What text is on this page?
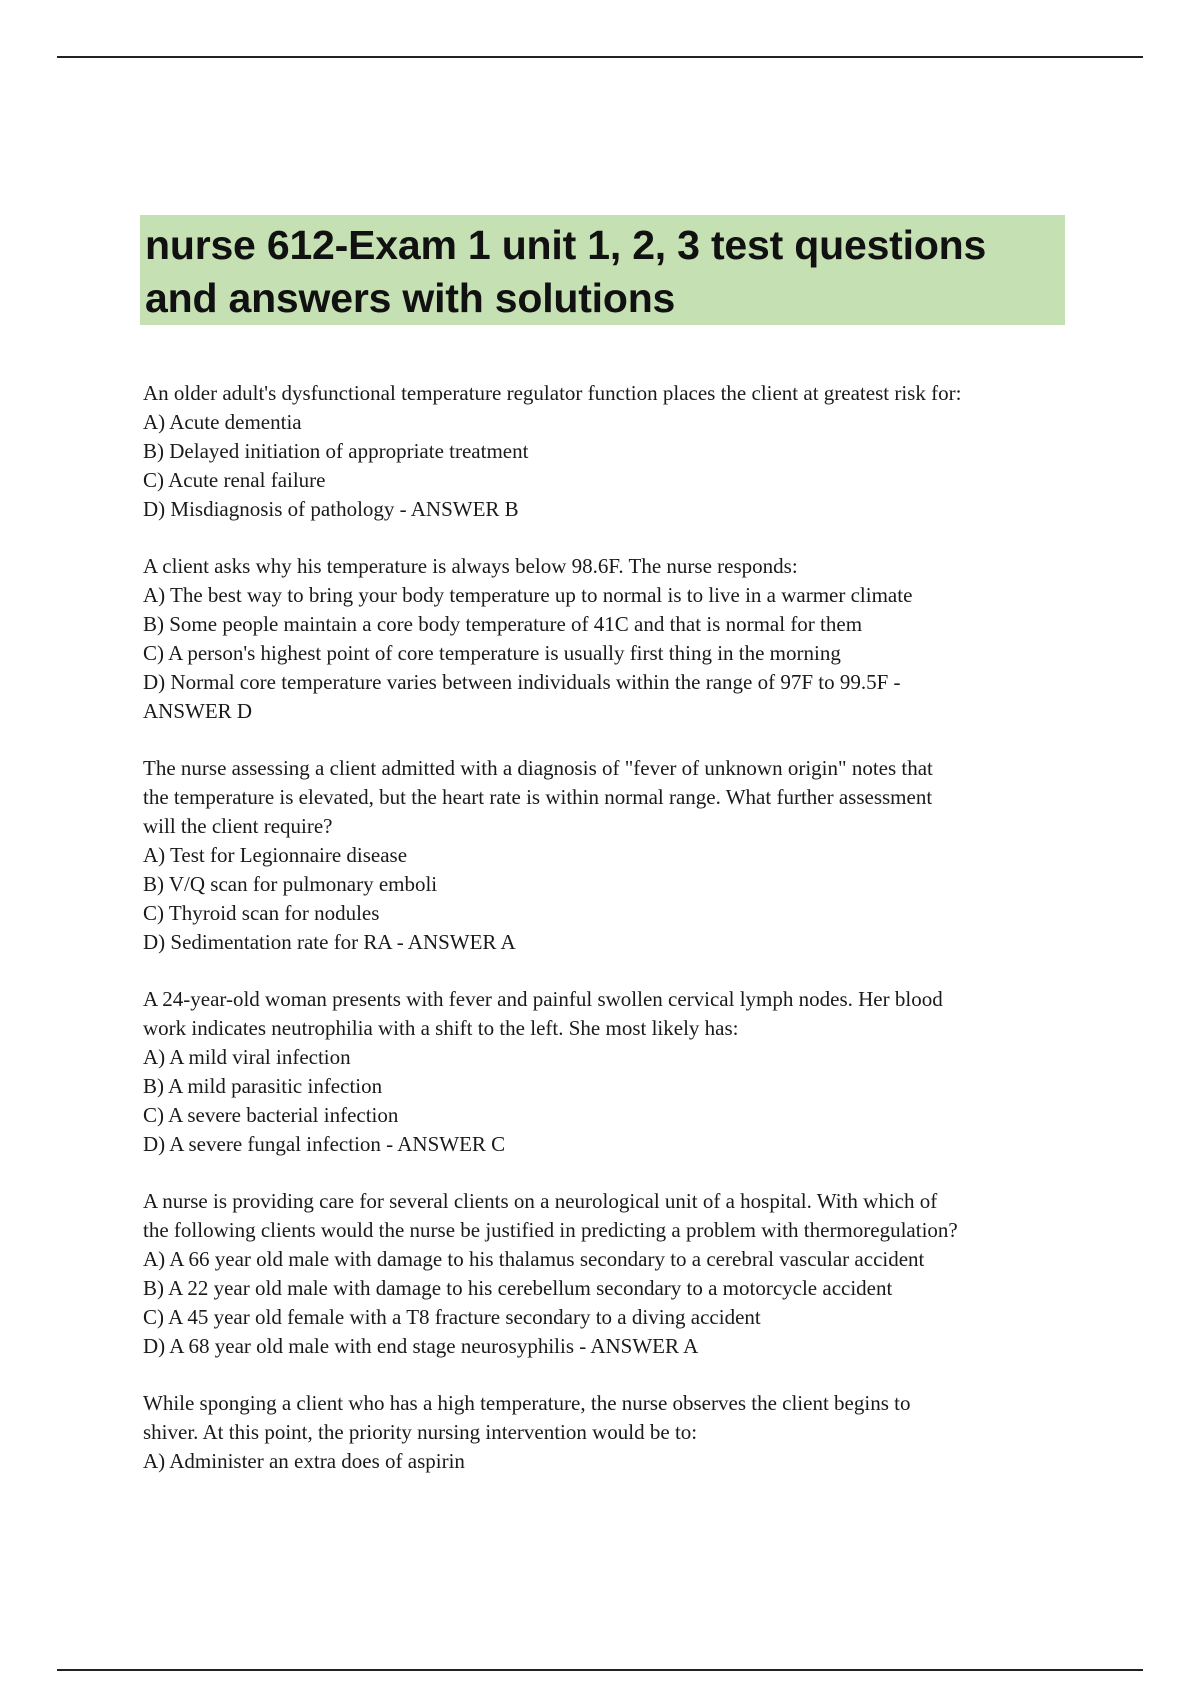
nurse 612-Exam 1 unit 1, 2, 3 test questions
and answers with solutions
An older adult's dysfunctional temperature regulator function places the client at greatest risk for:
A) Acute dementia
B) Delayed initiation of appropriate treatment
C) Acute renal failure
D) Misdiagnosis of pathology - ANSWER B
A client asks why his temperature is always below 98.6F. The nurse responds:
A) The best way to bring your body temperature up to normal is to live in a warmer climate
B) Some people maintain a core body temperature of 41C and that is normal for them
C) A person's highest point of core temperature is usually first thing in the morning
D) Normal core temperature varies between individuals within the range of 97F to 99.5F -
ANSWER D
The nurse assessing a client admitted with a diagnosis of "fever of unknown origin" notes that
the temperature is elevated, but the heart rate is within normal range. What further assessment
will the client require?
A) Test for Legionnaire disease
B) V/Q scan for pulmonary emboli
C) Thyroid scan for nodules
D) Sedimentation rate for RA - ANSWER A
A 24-year-old woman presents with fever and painful swollen cervical lymph nodes. Her blood
work indicates neutrophilia with a shift to the left. She most likely has:
A) A mild viral infection
B) A mild parasitic infection
C) A severe bacterial infection
D) A severe fungal infection - ANSWER C
A nurse is providing care for several clients on a neurological unit of a hospital. With which of
the following clients would the nurse be justified in predicting a problem with thermoregulation?
A) A 66 year old male with damage to his thalamus secondary to a cerebral vascular accident
B) A 22 year old male with damage to his cerebellum secondary to a motorcycle accident
C) A 45 year old female with a T8 fracture secondary to a diving accident
D) A 68 year old male with end stage neurosyphilis - ANSWER A
While sponging a client who has a high temperature, the nurse observes the client begins to
shiver. At this point, the priority nursing intervention would be to:
A) Administer an extra does of aspirin
